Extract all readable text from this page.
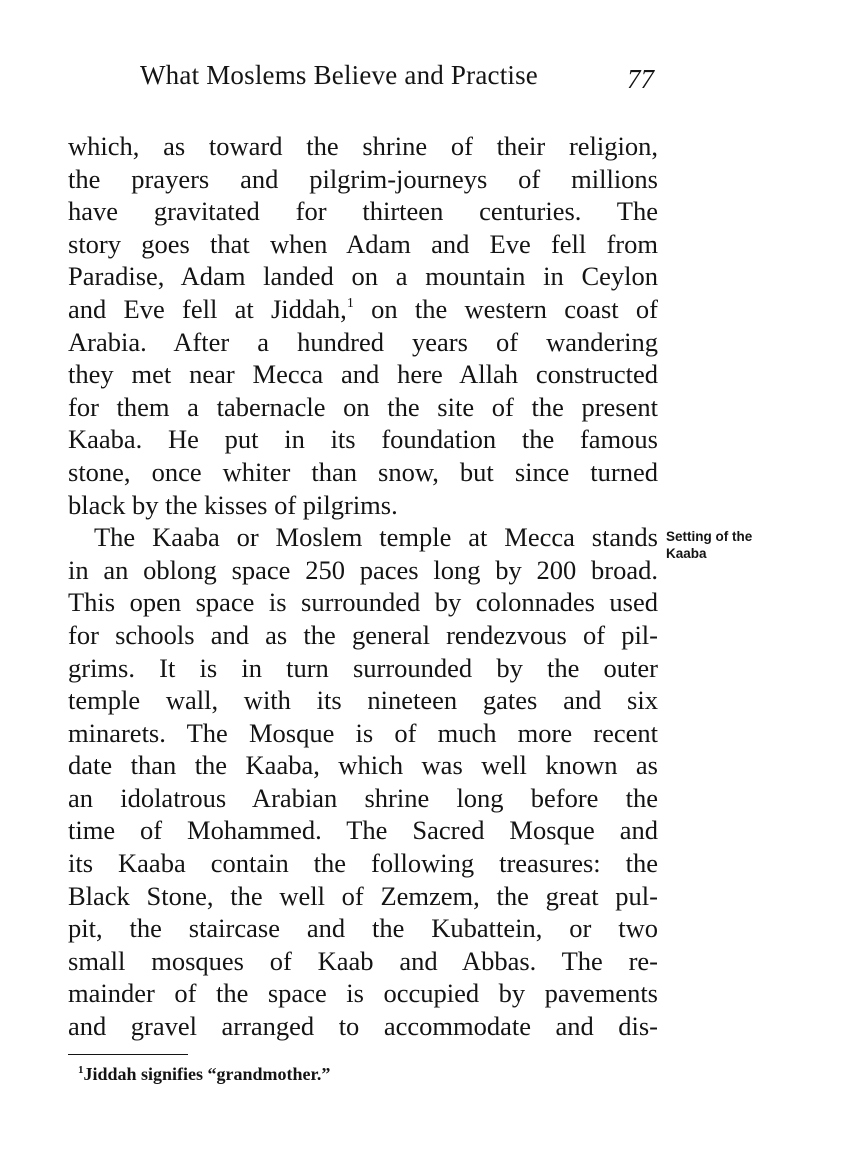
What Moslems Believe and Practise	77
which, as toward the shrine of their religion,
the prayers and pilgrim-journeys of millions
have gravitated for thirteen centuries. The
story goes that when Adam and Eve fell from
Paradise, Adam landed on a mountain in Ceylon
and Eve fell at Jiddah,$^1$ on the western coast of
Arabia. After a hundred years of wandering
they met near Mecca and here Allah constructed
for them a tabernacle on the site of the present
Kaaba. He put in its foundation the famous
stone, once whiter than snow, but since turned
black by the kisses of pilgrims.
The Kaaba or Moslem temple at Mecca stands
in an oblong space 250 paces long by 200 broad.
This open space is surrounded by colonnades used
for schools and as the general rendezvous of pil-
grims. It is in turn surrounded by the outer
temple wall, with its nineteen gates and six
minarets. The Mosque is of much more recent
date than the Kaaba, which was well known as
an idolatrous Arabian shrine long before the
time of Mohammed. The Sacred Mosque and
its Kaaba contain the following treasures: the
Black Stone, the well of Zemzem, the great pul-
pit, the staircase and the Kubattein, or two
small mosques of Kaab and Abbas. The re-
mainder of the space is occupied by pavements
and gravel arranged to accommodate and dis-
Setting of the
Kaaba
$^1$Jiddah signifies “grandmother.”
